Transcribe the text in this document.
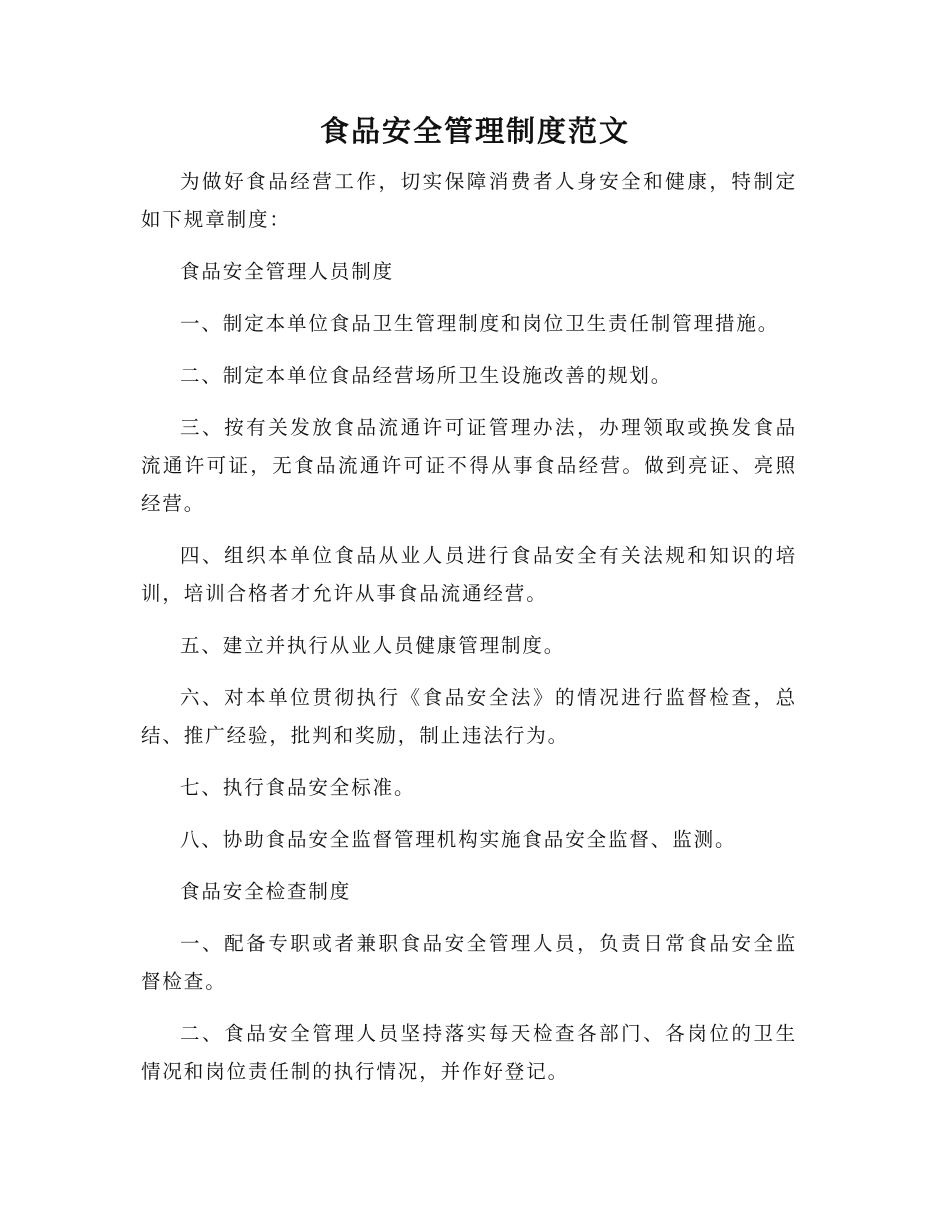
食品安全管理制度范文

为做好食品经营工作，切实保障消费者人身安全和健康，特制定如下规章制度：

食品安全管理人员制度

一、制定本单位食品卫生管理制度和岗位卫生责任制管理措施。

二、制定本单位食品经营场所卫生设施改善的规划。

三、按有关发放食品流通许可证管理办法，办理领取或换发食品流通许可证，无食品流通许可证不得从事食品经营。做到亮证、亮照经营。

四、组织本单位食品从业人员进行食品安全有关法规和知识的培训，培训合格者才允许从事食品流通经营。

五、建立并执行从业人员健康管理制度。

六、对本单位贯彻执行《食品安全法》的情况进行监督检查，总结、推广经验，批判和奖励，制止违法行为。

七、执行食品安全标准。

八、协助食品安全监督管理机构实施食品安全监督、监测。

食品安全检查制度

一、配备专职或者兼职食品安全管理人员，负责日常食品安全监督检查。

二、食品安全管理人员坚持落实每天检查各部门、各岗位的卫生情况和岗位责任制的执行情况，并作好登记。
